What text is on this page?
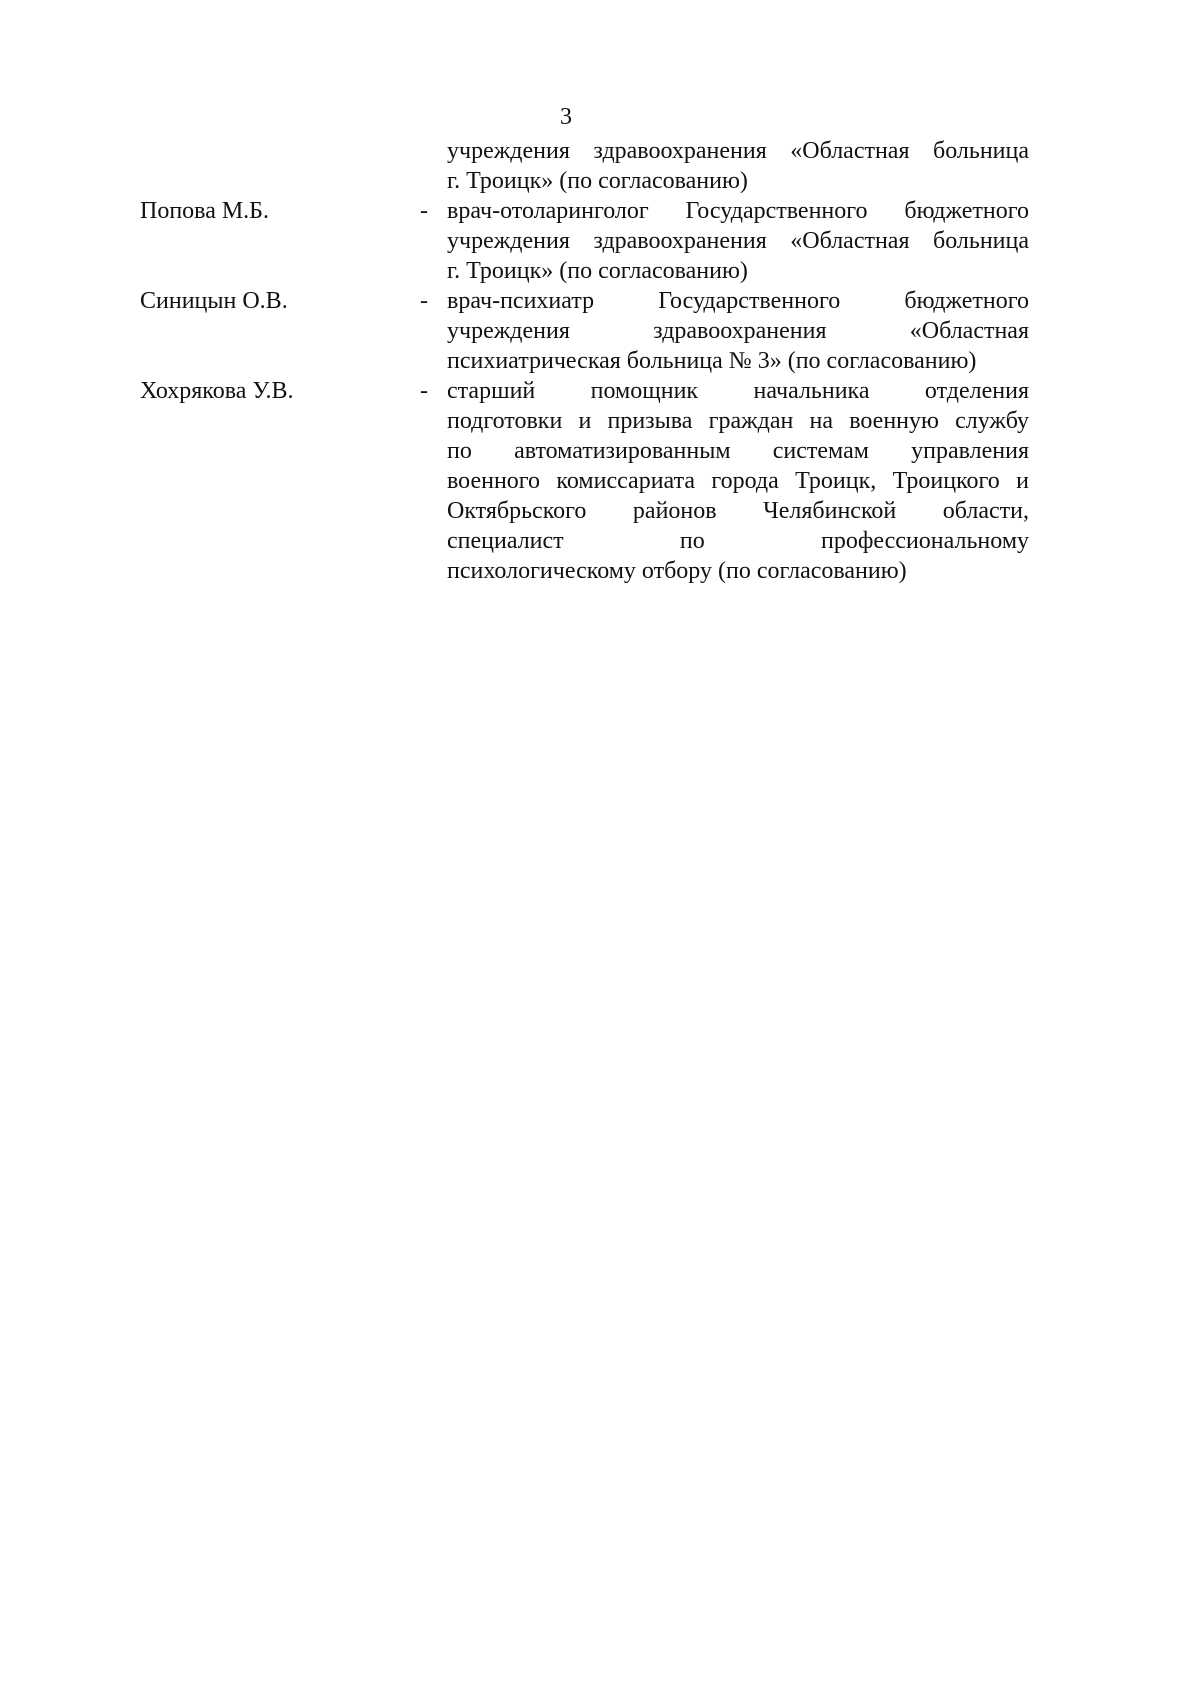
3
учреждения здравоохранения «Областная больница
г. Троицк» (по согласованию)
Попова М.Б.	- врач-отоларинголог Государственного бюджетного
учреждения здравоохранения «Областная больница
г. Троицк» (по согласованию)
Синицын О.В.	- врач-психиатр Государственного бюджетного
учреждения здравоохранения «Областная
психиатрическая больница № 3» (по согласованию)
Хохрякова У.В.	- старший помощник начальника отделения
подготовки и призыва граждан на военную службу
по автоматизированным системам управления
военного комиссариата города Троицк, Троицкого и
Октябрьского районов Челябинской области,
специалист по профессиональному
психологическому отбору (по согласованию)
